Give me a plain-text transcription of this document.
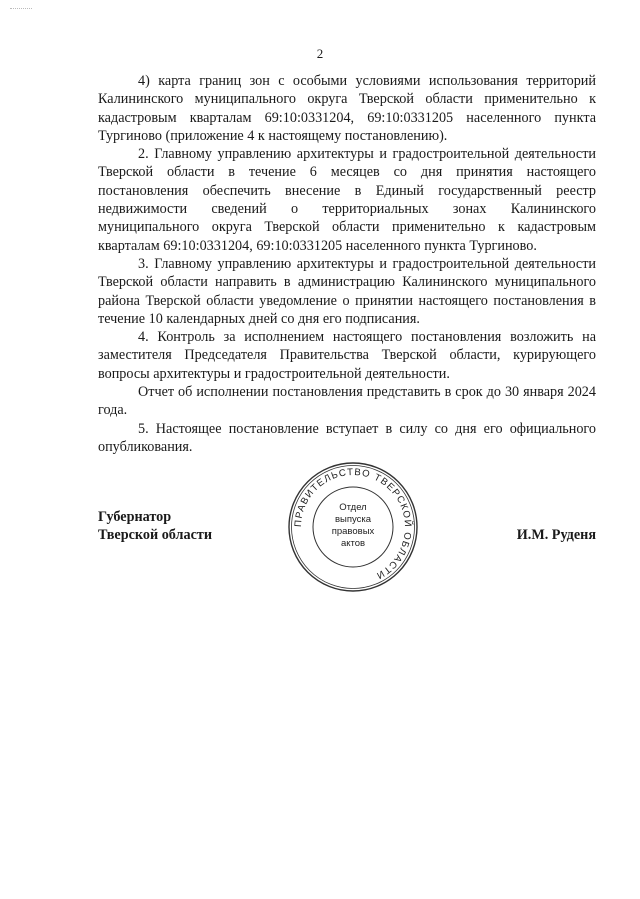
2

4) карта границ зон с особыми условиями использования территорий Калининского муниципального округа Тверской области применительно к кадастровым кварталам 69:10:0331204, 69:10:0331205 населенного пункта Тургиново (приложение 4 к настоящему постановлению).

2. Главному управлению архитектуры и градостроительной деятельности Тверской области в течение 6 месяцев со дня принятия настоящего постановления обеспечить внесение в Единый государственный реестр недвижимости сведений о территориальных зонах Калининского муниципального округа Тверской области применительно к кадастровым кварталам 69:10:0331204, 69:10:0331205 населенного пункта Тургиново.

3. Главному управлению архитектуры и градостроительной деятельности Тверской области направить в администрацию Калининского муниципального района Тверской области уведомление о принятии настоящего постановления в течение 10 календарных дней со дня его подписания.

4. Контроль за исполнением настоящего постановления возложить на заместителя Председателя Правительства Тверской области, курирующего вопросы архитектуры и градостроительной деятельности.

Отчет об исполнении постановления представить в срок до 30 января 2024 года.

5. Настоящее постановление вступает в силу со дня его официального опубликования.

Губернатор
Тверской области	И.М. Руденя
ПРАВИТЕЛЬСТВО ТВЕРСКОЙ ОБЛАСТИ
Отдел
выпуска
правовых
актов
